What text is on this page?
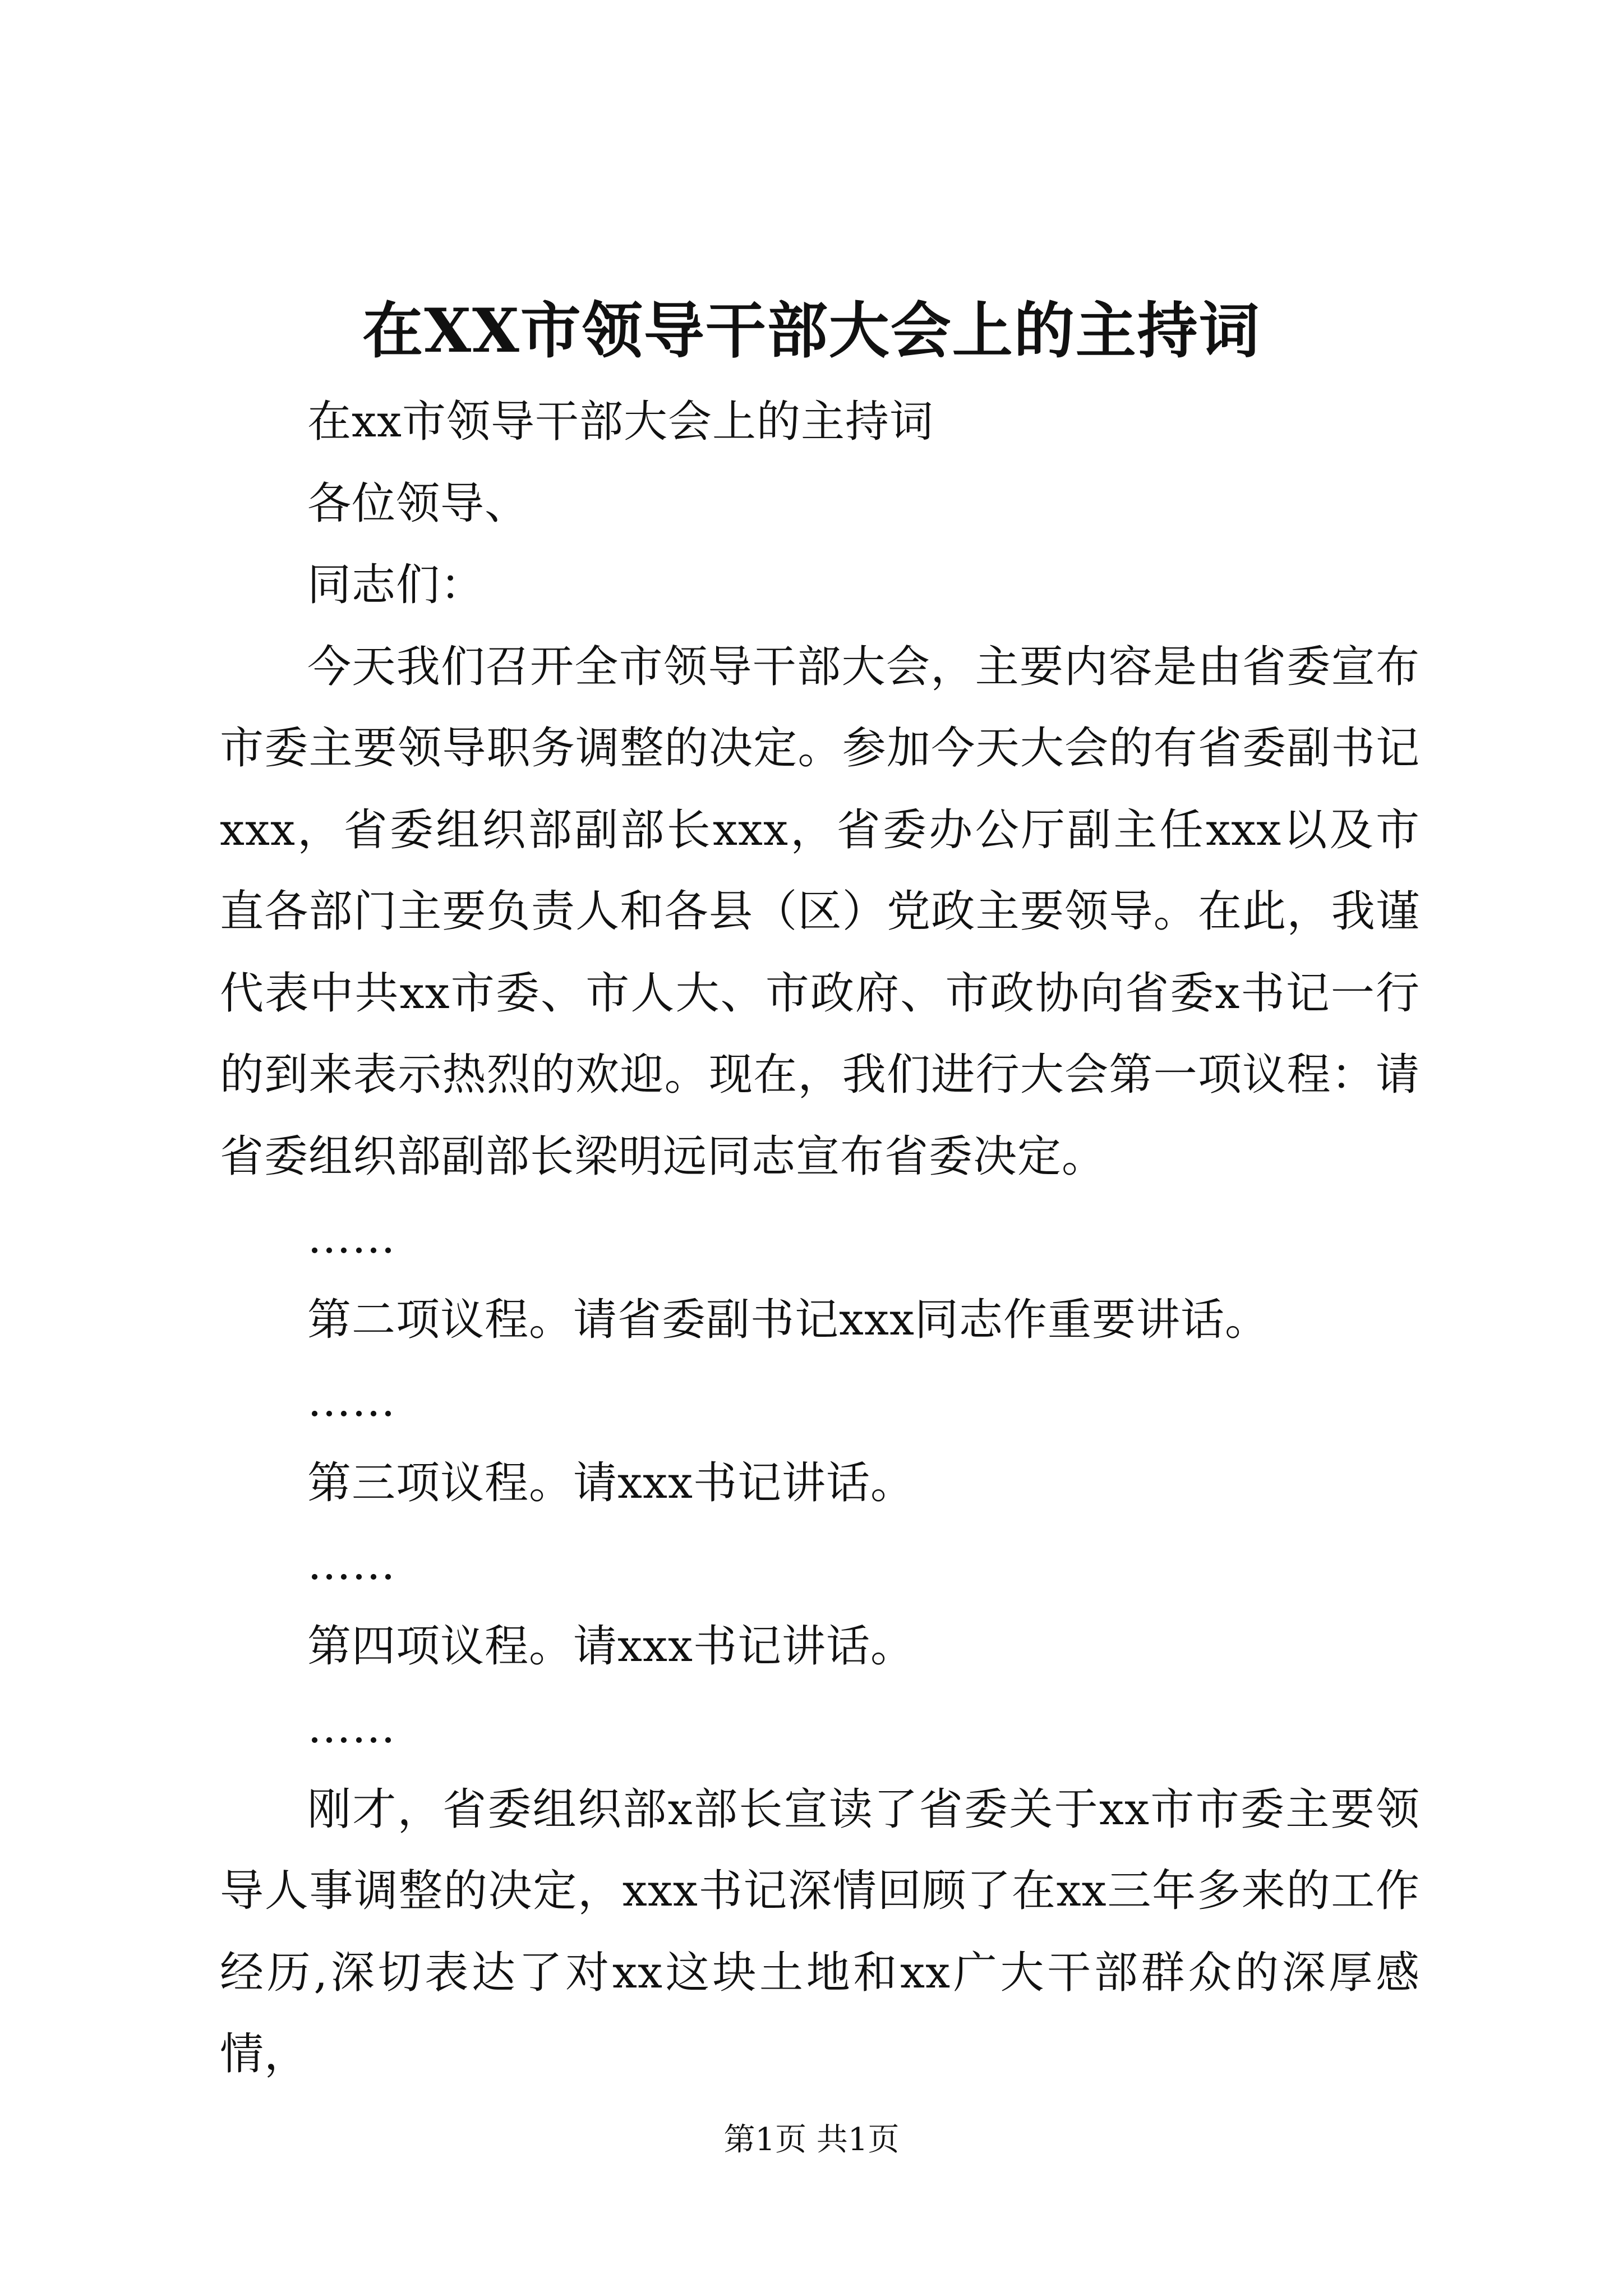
在XX市领导干部大会上的主持词

在xx市领导干部大会上的主持词

各位领导、

同志们：

今天我们召开全市领导干部大会，主要内容是由省委宣布市委主要领导职务调整的决定。参加今天大会的有省委副书记xxx，省委组织部副部长xxx，省委办公厅副主任xxx以及市直各部门主要负责人和各县（区）党政主要领导。在此，我谨代表中共xx市委、市人大、市政府、市政协向省委x书记一行的到来表示热烈的欢迎。现在，我们进行大会第一项议程：请省委组织部副部长梁明远同志宣布省委决定。

……

第二项议程。请省委副书记xxx同志作重要讲话。

……

第三项议程。请xxx书记讲话。

……

第四项议程。请xxx书记讲话。

……

刚才，省委组织部x部长宣读了省委关于xx市市委主要领导人事调整的决定，xxx书记深情回顾了在xx三年多来的工作经历,深切表达了对xx这块土地和xx广大干部群众的深厚感情，

第1页 共1页
